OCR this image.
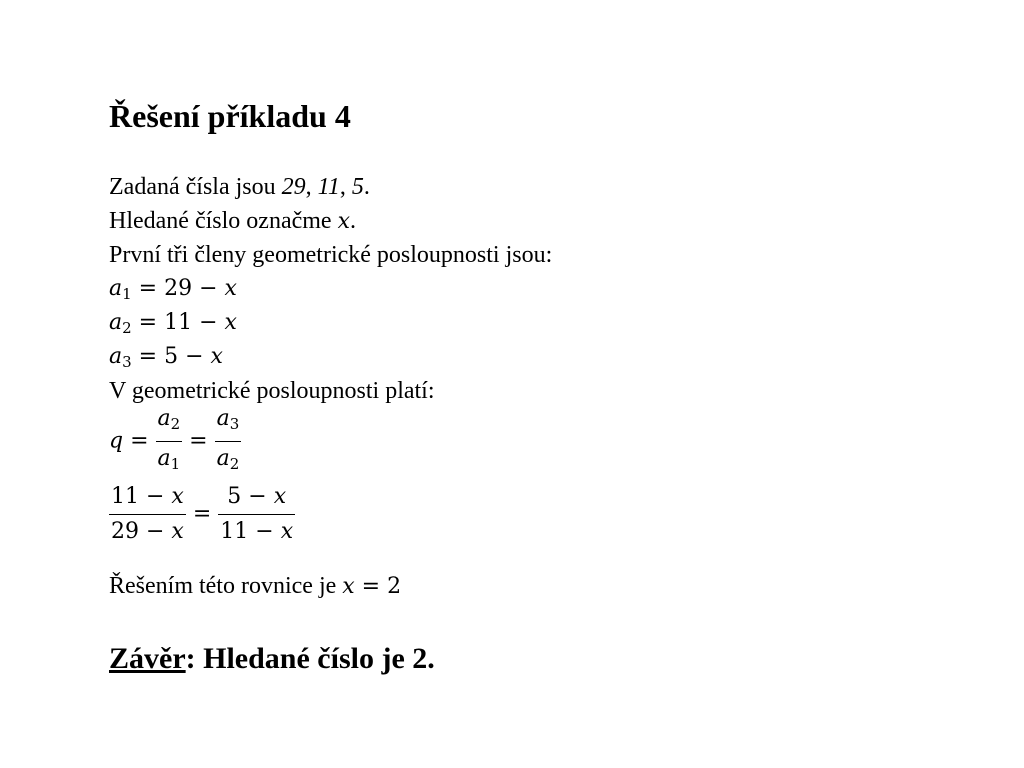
Řešení příkladu 4
Zadaná čísla jsou 29, 11, 5.
Hledané číslo označme x.
První tři členy geometrické posloupnosti jsou:
$a_1 = 29 - x$
$a_2 = 11 - x$
$a_3 = 5 - x$
V geometrické posloupnosti platí:
$q = \frac{a_2}{a_1} = \frac{a_3}{a_2}$
$\frac{11 - x}{29 - x} = \frac{5 - x}{11 - x}$
Řešením této rovnice je x = 2
Závěr: Hledané číslo je 2.
